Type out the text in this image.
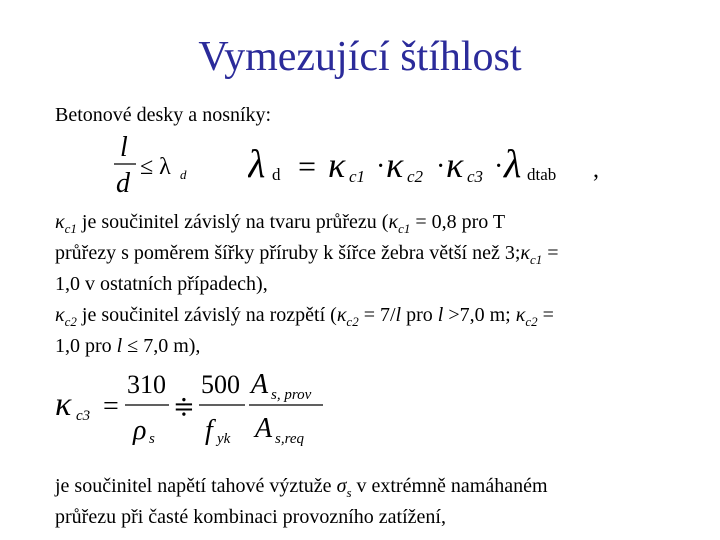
Vymezující štíhlost
Betonové desky a nosníky:
l
d
≤ λ d λ d = κ c1 · κ c2 · κ c3 · λ dtab ,
$\kappa_{c1}$ je součinitel závislý na tvaru průřezu ($\kappa_{c1} = 0,8$ pro T
průřezy s poměrem šířky příruby k šířce žebra větší než $3;\kappa_{c1}$ =
1,0 v ostatních případech),
$\kappa_{c2}$ je součinitel závislý na rozpětí ($\kappa_{c2} = 7/l$ pro l >7,0 m; $\kappa_{c2}$ =
1,0 pro l ≤ 7,0 m),
κ c3 =
310
ρ s
≑
500
f yk
A s, prov
A s,req
je součinitel napětí tahové výztuže $\sigma_s$ v extrémně namáhaném
průřezu při časté kombinaci provozního zatížení,
